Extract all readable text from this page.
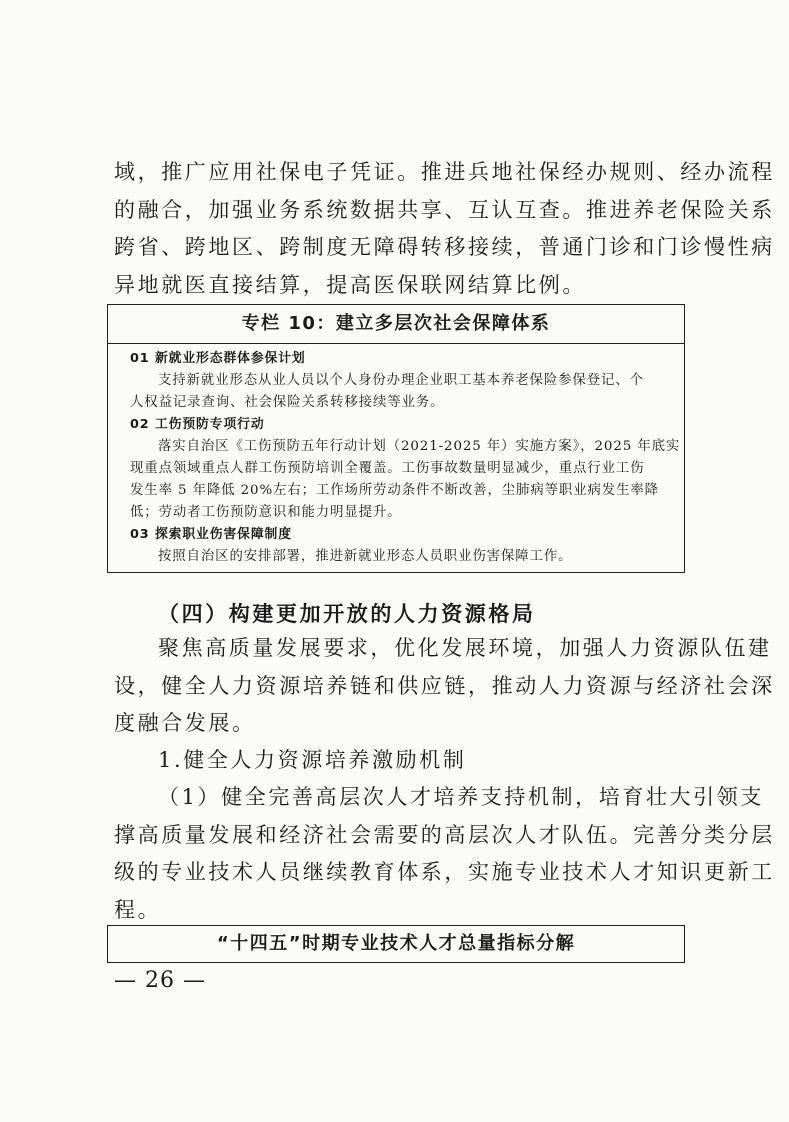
域，推广应用社保电子凭证。推进兵地社保经办规则、经办流程
的融合，加强业务系统数据共享、互认互查。推进养老保险关系
跨省、跨地区、跨制度无障碍转移接续，普通门诊和门诊慢性病
异地就医直接结算，提高医保联网结算比例。

专栏 10：建立多层次社会保障体系
01 新就业形态群体参保计划
支持新就业形态从业人员以个人身份办理企业职工基本养老保险参保登记、个
人权益记录查询、社会保险关系转移接续等业务。
02 工伤预防专项行动
落实自治区《工伤预防五年行动计划（2021-2025 年）实施方案》，2025 年底实
现重点领域重点人群工伤预防培训全覆盖。工伤事故数量明显减少，重点行业工伤
发生率 5 年降低 20%左右；工作场所劳动条件不断改善，尘肺病等职业病发生率降
低；劳动者工伤预防意识和能力明显提升。
03 探索职业伤害保障制度
按照自治区的安排部署，推进新就业形态人员职业伤害保障工作。
（四）构建更加开放的人力资源格局

聚焦高质量发展要求，优化发展环境，加强人力资源队伍建
设，健全人力资源培养链和供应链，推动人力资源与经济社会深
度融合发展。

1.健全人力资源培养激励机制

（1）健全完善高层次人才培养支持机制，培育壮大引领支
撑高质量发展和经济社会需要的高层次人才队伍。完善分类分层
级的专业技术人员继续教育体系，实施专业技术人才知识更新工
程。

“十四五”时期专业技术人才总量指标分解
— 26 —
